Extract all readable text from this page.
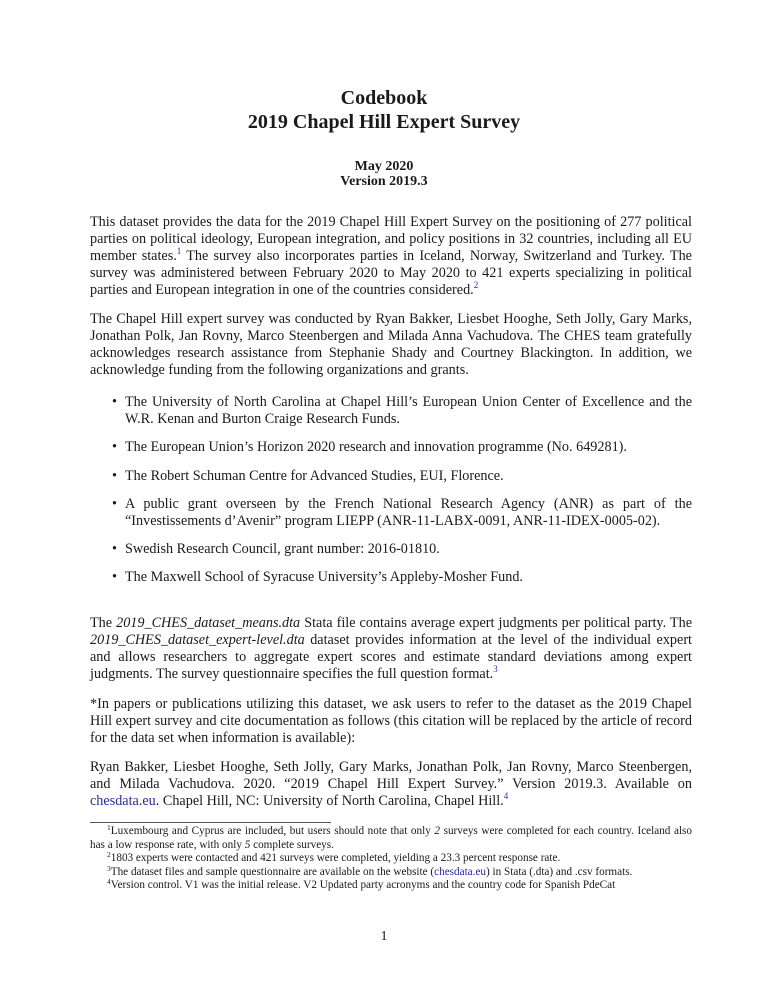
Codebook
2019 Chapel Hill Expert Survey
May 2020
Version 2019.3

This dataset provides the data for the 2019 Chapel Hill Expert Survey on the positioning of 277 political parties on political ideology, European integration, and policy positions in 32 countries, including all EU member states.$^1$ The survey also incorporates parties in Iceland, Norway, Switzerland and Turkey. The survey was administered between February 2020 to May 2020 to 421 experts specializing in political parties and European integration in one of the countries considered.$^2$

The Chapel Hill expert survey was conducted by Ryan Bakker, Liesbet Hooghe, Seth Jolly, Gary Marks, Jonathan Polk, Jan Rovny, Marco Steenbergen and Milada Anna Vachudova. The CHES team gratefully acknowledges research assistance from Stephanie Shady and Courtney Blackington. In addition, we acknowledge funding from the following organizations and grants.

• The University of North Carolina at Chapel Hill’s European Union Center of Excellence and the W.R. Kenan and Burton Craige Research Funds.
• The European Union’s Horizon 2020 research and innovation programme (No. 649281).
• The Robert Schuman Centre for Advanced Studies, EUI, Florence.
• A public grant overseen by the French National Research Agency (ANR) as part of the “Investissements d’Avenir” program LIEPP (ANR-11-LABX-0091, ANR-11-IDEX-0005-02).
• Swedish Research Council, grant number: 2016-01810.
• The Maxwell School of Syracuse University’s Appleby-Mosher Fund.

The 2019_CHES_dataset_means.dta Stata file contains average expert judgments per political party. The 2019_CHES_dataset_expert-level.dta dataset provides information at the level of the individual expert and allows researchers to aggregate expert scores and estimate standard deviations among expert judgments. The survey questionnaire specifies the full question format.$^3$

*In papers or publications utilizing this dataset, we ask users to refer to the dataset as the 2019 Chapel Hill expert survey and cite documentation as follows (this citation will be replaced by the article of record for the data set when information is available):

Ryan Bakker, Liesbet Hooghe, Seth Jolly, Gary Marks, Jonathan Polk, Jan Rovny, Marco Steenbergen, and Milada Vachudova. 2020. “2019 Chapel Hill Expert Survey.” Version 2019.3. Available on chesdata.eu. Chapel Hill, NC: University of North Carolina, Chapel Hill.$^4$

$^1$Luxembourg and Cyprus are included, but users should note that only 2 surveys were completed for each country. Iceland also has a low response rate, with only 5 complete surveys.

$^2$1803 experts were contacted and 421 surveys were completed, yielding a 23.3 percent response rate.

$^3$The dataset files and sample questionnaire are available on the website (chesdata.eu) in Stata (.dta) and .csv formats.

$^4$Version control. V1 was the initial release. V2 Updated party acronyms and the country code for Spanish PdeCat

1
